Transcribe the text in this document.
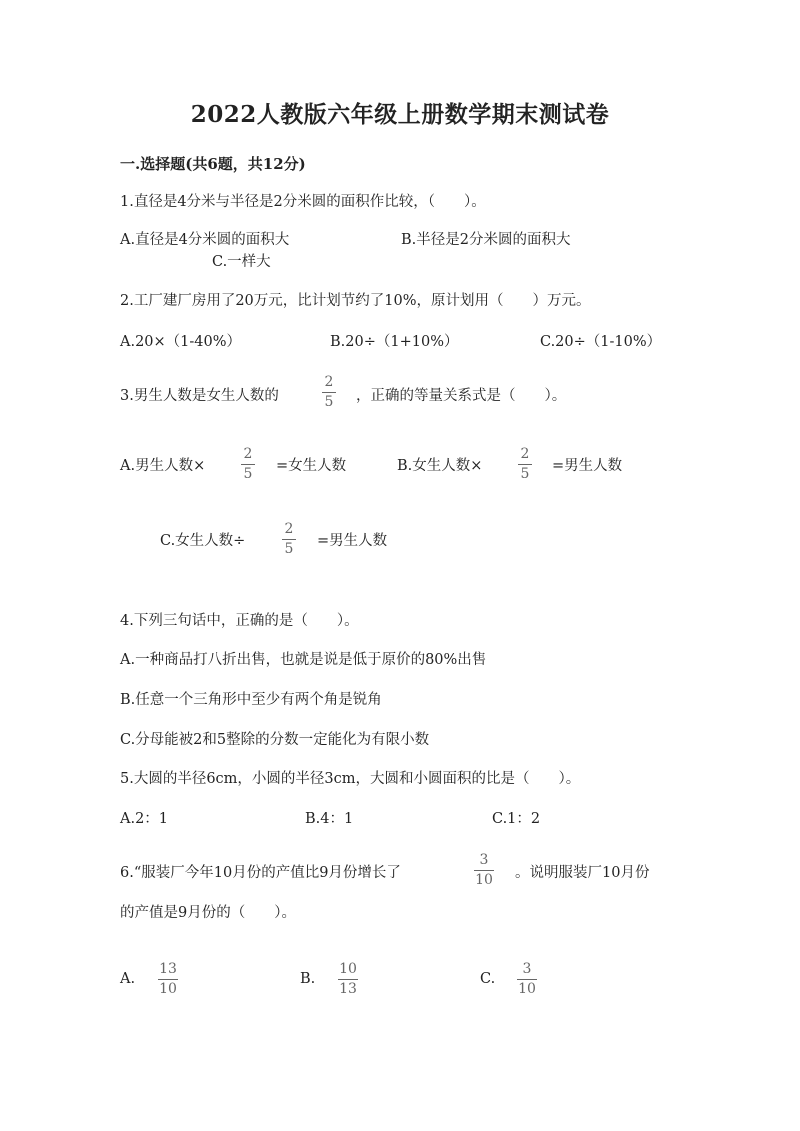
2022人教版六年级上册数学期末测试卷
一.选择题(共6题，共12分)
1.直径是4分米与半径是2分米圆的面积作比较，（　　）。
A.直径是4分米圆的面积大	B.半径是2分米圆的面积大
C.一样大
2.工厂建厂房用了20万元，比计划节约了10%，原计划用（　　）万元。
A.20×（1-40%）	B.20÷（1+10%）	C.20÷（1-10%）
3.男生人数是女生人数的	$\frac{2}{5}$ ，正确的等量关系式是（　　）。
A.男生人数×	$\frac{2}{5}$ =女生人数	B.女生人数×	$\frac{2}{5}$ =男生人数
C.女生人数÷	$\frac{2}{5}$ =男生人数
4.下列三句话中，正确的是（　　）。
A.一种商品打八折出售，也就是说是低于原价的80%出售
B.任意一个三角形中至少有两个角是锐角
C.分母能被2和5整除的分数一定能化为有限小数
5.大圆的半径6cm，小圆的半径3cm，大圆和小圆面积的比是（　　）。
A.2：1	B.4：1	C.1：2
6.“服装厂今年10月份的产值比9月份增长了	$\frac{3}{10}$ 。说明服装厂10月份
的产值是9月份的（　　）。
A. $\frac{13}{10}$	B. $\frac{10}{13}$	C. $\frac{3}{10}$
